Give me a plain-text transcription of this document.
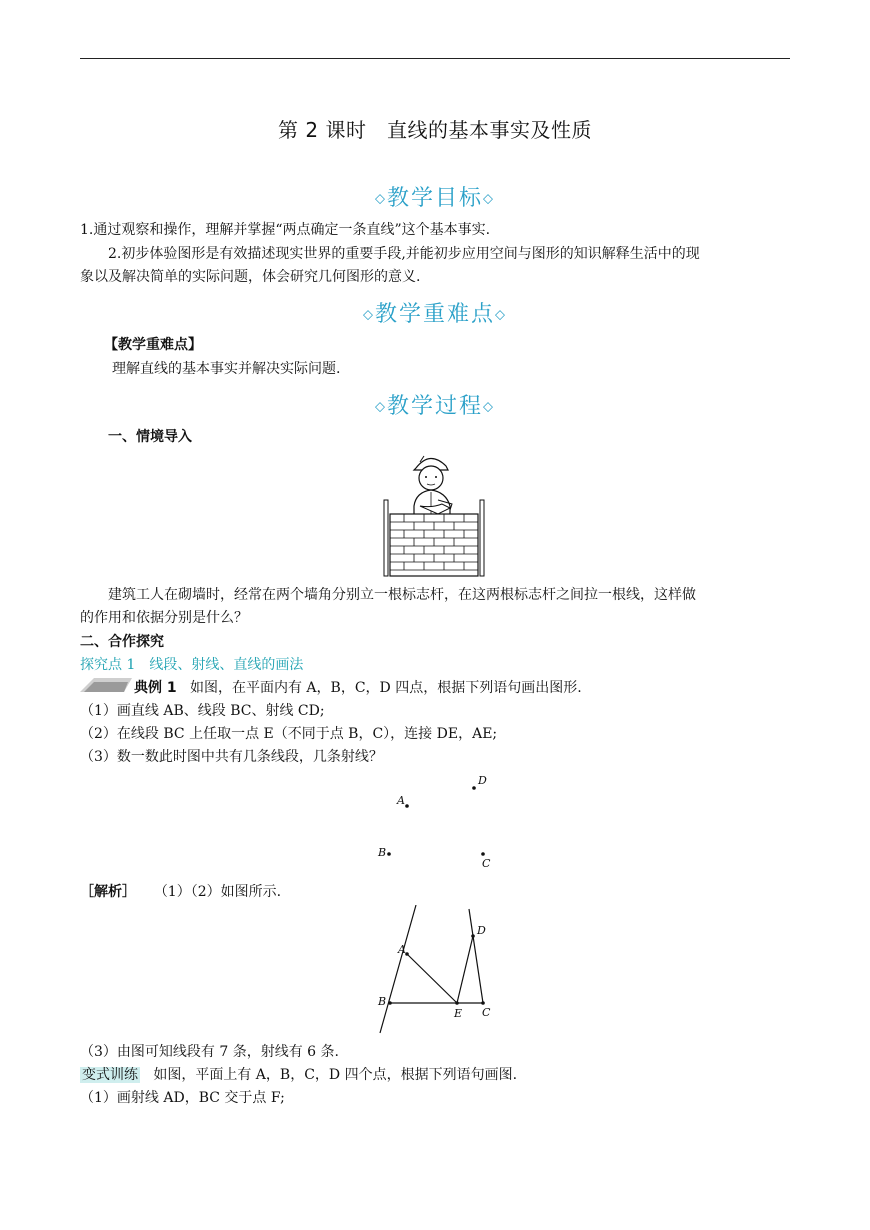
第 2 课时　直线的基本事实及性质
◇教学目标◇
1.通过观察和操作，理解并掌握“两点确定一条直线”这个基本事实.
2.初步体验图形是有效描述现实世界的重要手段,并能初步应用空间与图形的知识解释生活中的现
象以及解决简单的实际问题，体会研究几何图形的意义.
◇教学重难点◇
【教学重难点】
理解直线的基本事实并解决实际问题.
◇教学过程◇
一、情境导入
建筑工人在砌墙时，经常在两个墙角分别立一根标志杆，在这两根标志杆之间拉一根线，这样做
的作用和依据分别是什么？
二、合作探究
探究点 1　线段、射线、直线的画法
典例 1 如图，在平面内有 A，B，C，D 四点，根据下列语句画出图形.
（1）画直线 AB、线段 BC、射线 CD;
（2）在线段 BC 上任取一点 E（不同于点 B，C），连接 DE，AE;
（3）数一数此时图中共有几条线段，几条射线？
A
D
B
C
［解析］ （1）（2）如图所示.
A
D
B
E C
（3）由图可知线段有 7 条，射线有 6 条.
变式训练 如图，平面上有 A，B，C，D 四个点，根据下列语句画图.
（1）画射线 AD，BC 交于点 F;
